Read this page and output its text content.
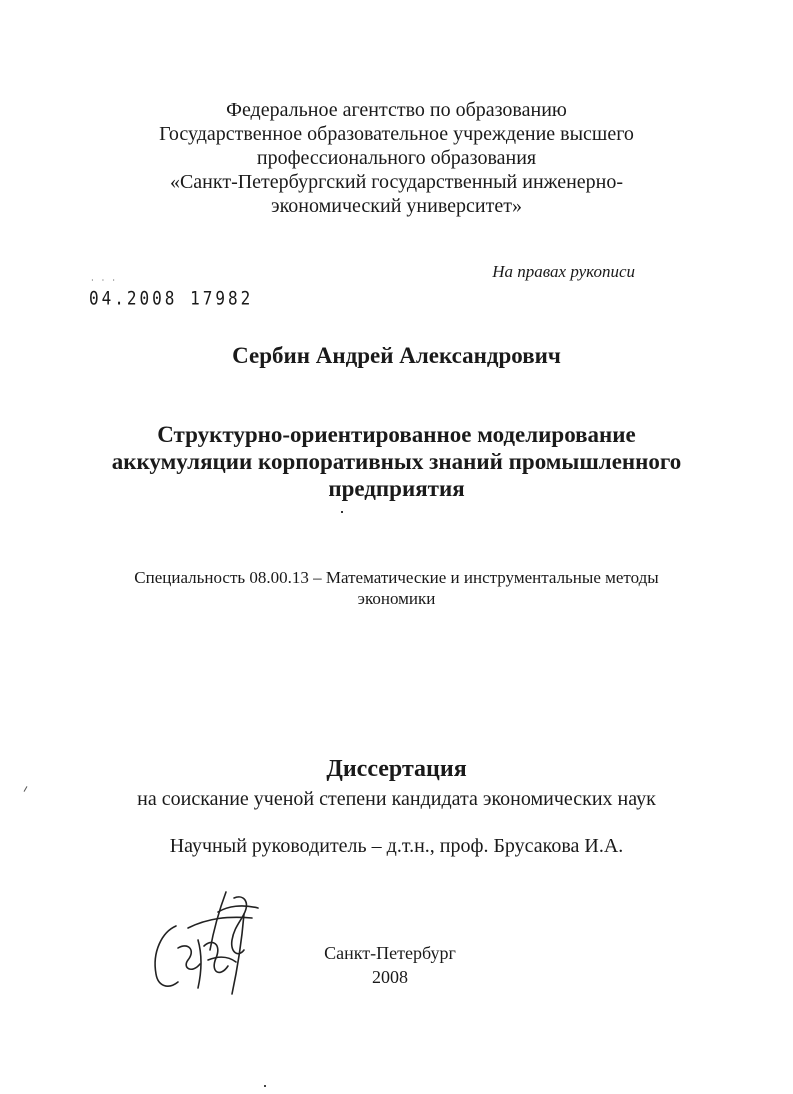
Федеральное агентство по образованию
Государственное образовательное учреждение высшего
профессионального образования
«Санкт-Петербургский государственный инженерно-
экономический университет»
На правах рукописи
· · ·
04.2008 17982
Сербин Андрей Александрович
Структурно-ориентированное моделирование
аккумуляции корпоративных знаний промышленного
предприятия
Специальность 08.00.13 – Математические и инструментальные методы
экономики
Диссертация
на соискание ученой степени кандидата экономических наук
Научный руководитель – д.т.н., проф. Брусакова И.А.
Санкт-Петербург
2008
